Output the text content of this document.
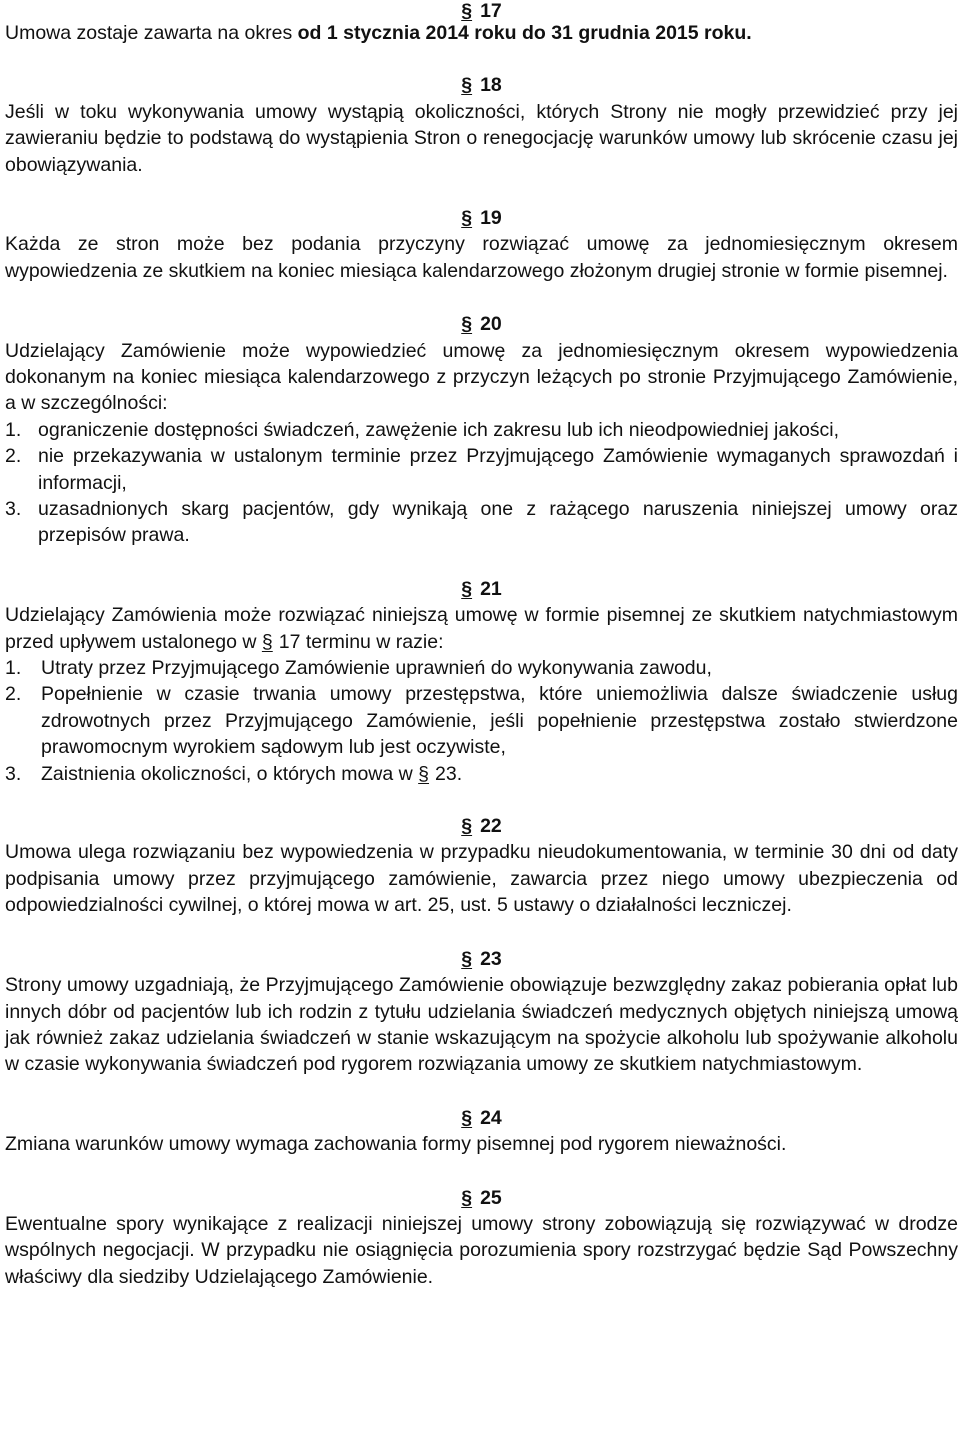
§ 17

Umowa zostaje zawarta na okres od 1 stycznia 2014 roku do 31 grudnia 2015 roku.

§ 18

Jeśli w toku wykonywania umowy wystąpią okoliczności, których Strony nie mogły przewidzieć przy jej zawieraniu będzie to podstawą do wystąpienia Stron o renegocjację warunków umowy lub skrócenie czasu jej obowiązywania.

§ 19

Każda ze stron może bez podania przyczyny rozwiązać umowę za jednomiesięcznym okresem wypowiedzenia ze skutkiem na koniec miesiąca kalendarzowego złożonym drugiej stronie w formie pisemnej.

§ 20

Udzielający Zamówienie może wypowiedzieć umowę za jednomiesięcznym okresem wypowiedzenia dokonanym na koniec miesiąca kalendarzowego z przyczyn leżących po stronie Przyjmującego Zamówienie, a w szczególności:

1. ograniczenie dostępności świadczeń, zawężenie ich zakresu lub ich nieodpowiedniej jakości,
2. nie przekazywania w ustalonym terminie przez Przyjmującego Zamówienie wymaganych sprawozdań i informacji,
3. uzasadnionych skarg pacjentów, gdy wynikają one z rażącego naruszenia niniejszej umowy oraz przepisów prawa.
§ 21

Udzielający Zamówienia może rozwiązać niniejszą umowę w formie pisemnej ze skutkiem natychmiastowym przed upływem ustalonego w § 17 terminu w razie:

1. Utraty przez Przyjmującego Zamówienie uprawnień do wykonywania zawodu,
2. Popełnienie w czasie trwania umowy przestępstwa, które uniemożliwia dalsze świadczenie usług zdrowotnych przez Przyjmującego Zamówienie, jeśli popełnienie przestępstwa zostało stwierdzone prawomocnym wyrokiem sądowym lub jest oczywiste,
3. Zaistnienia okoliczności, o których mowa w § 23.
§ 22

Umowa ulega rozwiązaniu bez wypowiedzenia w przypadku nieudokumentowania, w terminie 30 dni od daty podpisania umowy przez przyjmującego zamówienie, zawarcia przez niego umowy ubezpieczenia od odpowiedzialności cywilnej, o której mowa w art. 25, ust. 5 ustawy o działalności leczniczej.

§ 23

Strony umowy uzgadniają, że Przyjmującego Zamówienie obowiązuje bezwzględny zakaz pobierania opłat lub innych dóbr od pacjentów lub ich rodzin z tytułu udzielania świadczeń medycznych objętych niniejszą umową jak również zakaz udzielania świadczeń w stanie wskazującym na spożycie alkoholu lub spożywanie alkoholu w czasie wykonywania świadczeń pod rygorem rozwiązania umowy ze skutkiem natychmiastowym.

§ 24

Zmiana warunków umowy wymaga zachowania formy pisemnej pod rygorem nieważności.

§ 25

Ewentualne spory wynikające z realizacji niniejszej umowy strony zobowiązują się rozwiązywać w drodze wspólnych negocjacji. W przypadku nie osiągnięcia porozumienia spory rozstrzygać będzie Sąd Powszechny właściwy dla siedziby Udzielającego Zamówienie.
